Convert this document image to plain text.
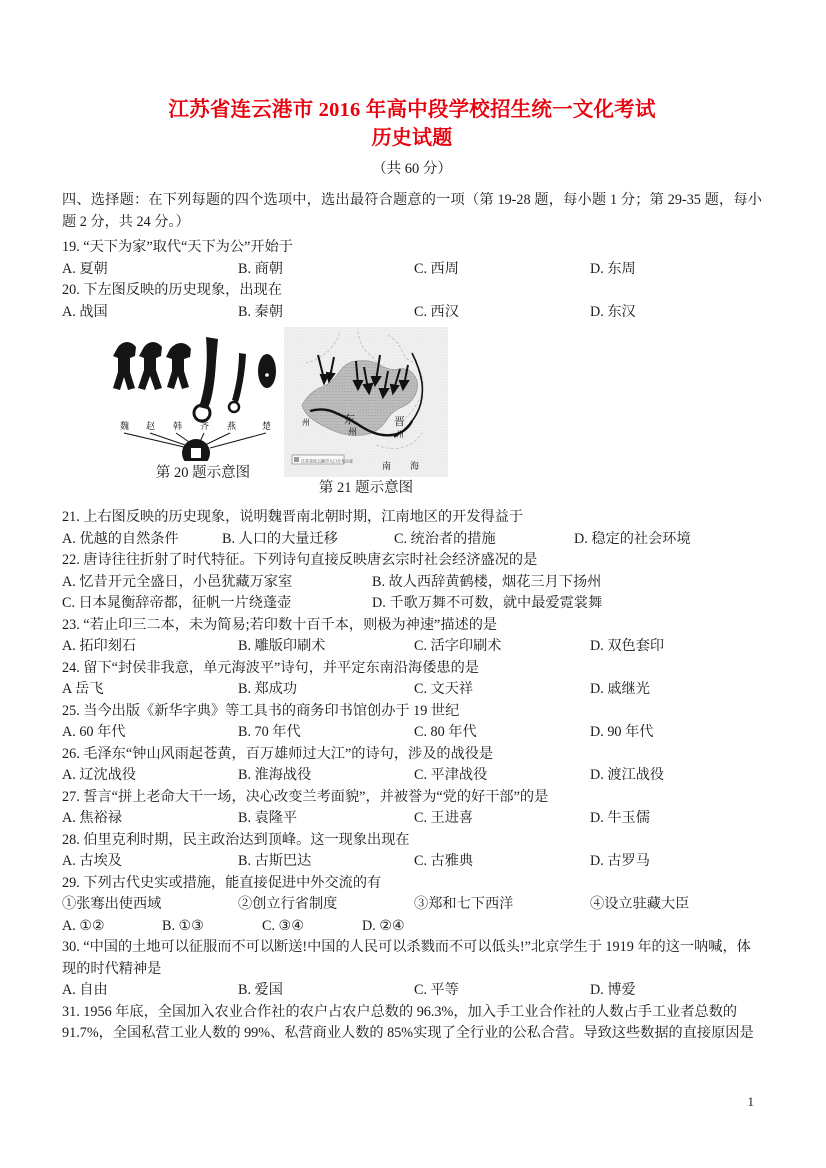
江苏省连云港市 2016 年高中段学校招生统一文化考试
历史试题
（共 60 分）

四、选择题：在下列每题的四个选项中，选出最符合题意的一项（第 19-28 题，每小题 1 分；第 29-35 题，每小题 2 分，共 24 分。）

19. “天下为家”取代“天下为公”开始于

A. 夏朝	B. 商朝	C. 西周	D. 东周

20. 下左图反映的历史现象，出现在

A. 战国	B. 秦朝	C. 西汉	D. 东汉
魏 赵 韩 齐 燕	楚
第 20 题示意图
东
州
晋
州
州
南 海
江苏省连云港市人口分布示意
第 21 题示意图

21. 上右图反映的历史现象，说明魏晋南北朝时期，江南地区的开发得益于

A. 优越的自然条件	B. 人口的大量迁移	C. 统治者的措施	D. 稳定的社会环境

22. 唐诗往往折射了时代特征。下列诗句直接反映唐玄宗时社会经济盛况的是

A. 忆昔开元全盛日，小邑犹藏万家室	B. 故人西辞黄鹤楼，烟花三月下扬州
C. 日本晁衡辞帝都，征帆一片绕蓬壶	D. 千歌万舞不可数，就中最爱霓裳舞

23. “若止印三二本，未为简易;若印数十百千本，则极为神速”描述的是

A. 拓印刻石	B. 雕版印刷术	C. 活字印刷术	D. 双色套印

24. 留下“封侯非我意，单元海波平”诗句，并平定东南沿海倭患的是

A 岳飞	B. 郑成功	C. 文天祥	D. 戚继光

25. 当今出版《新华字典》等工具书的商务印书馆创办于 19 世纪

A. 60 年代	B. 70 年代	C. 80 年代	D. 90 年代

26. 毛泽东“钟山风雨起苍黄，百万雄师过大江”的诗句，涉及的战役是

A. 辽沈战役	B. 淮海战役	C. 平津战役	D. 渡江战役

27. 誓言“拼上老命大干一场，决心改变兰考面貌”，并被誉为“党的好干部”的是

A. 焦裕禄	B. 袁隆平	C. 王进喜	D. 牛玉儒

28. 伯里克利时期，民主政治达到顶峰。这一现象出现在

A. 古埃及	B. 古斯巴达	C. 古雅典	D. 古罗马

29. 下列古代史实或措施，能直接促进中外交流的有

①张骞出使西域	②创立行省制度	③郑和七下西洋	④设立驻藏大臣
A. ①②	B. ①③	C. ③④	D. ②④

30. “中国的土地可以征服而不可以断送!中国的人民可以杀戮而不可以低头!”北京学生于 1919 年的这一呐喊，体现的时代精神是

A. 自由	B. 爱国	C. 平等	D. 博爱

31. 1956 年底，全国加入农业合作社的农户占农户总数的 96.3%，加入手工业合作社的人数占手工业者总数的 91.7%，全国私营工业人数的 99%、私营商业人数的 85%实现了全行业的公私合营。导致这些数据的直接原因是

1
